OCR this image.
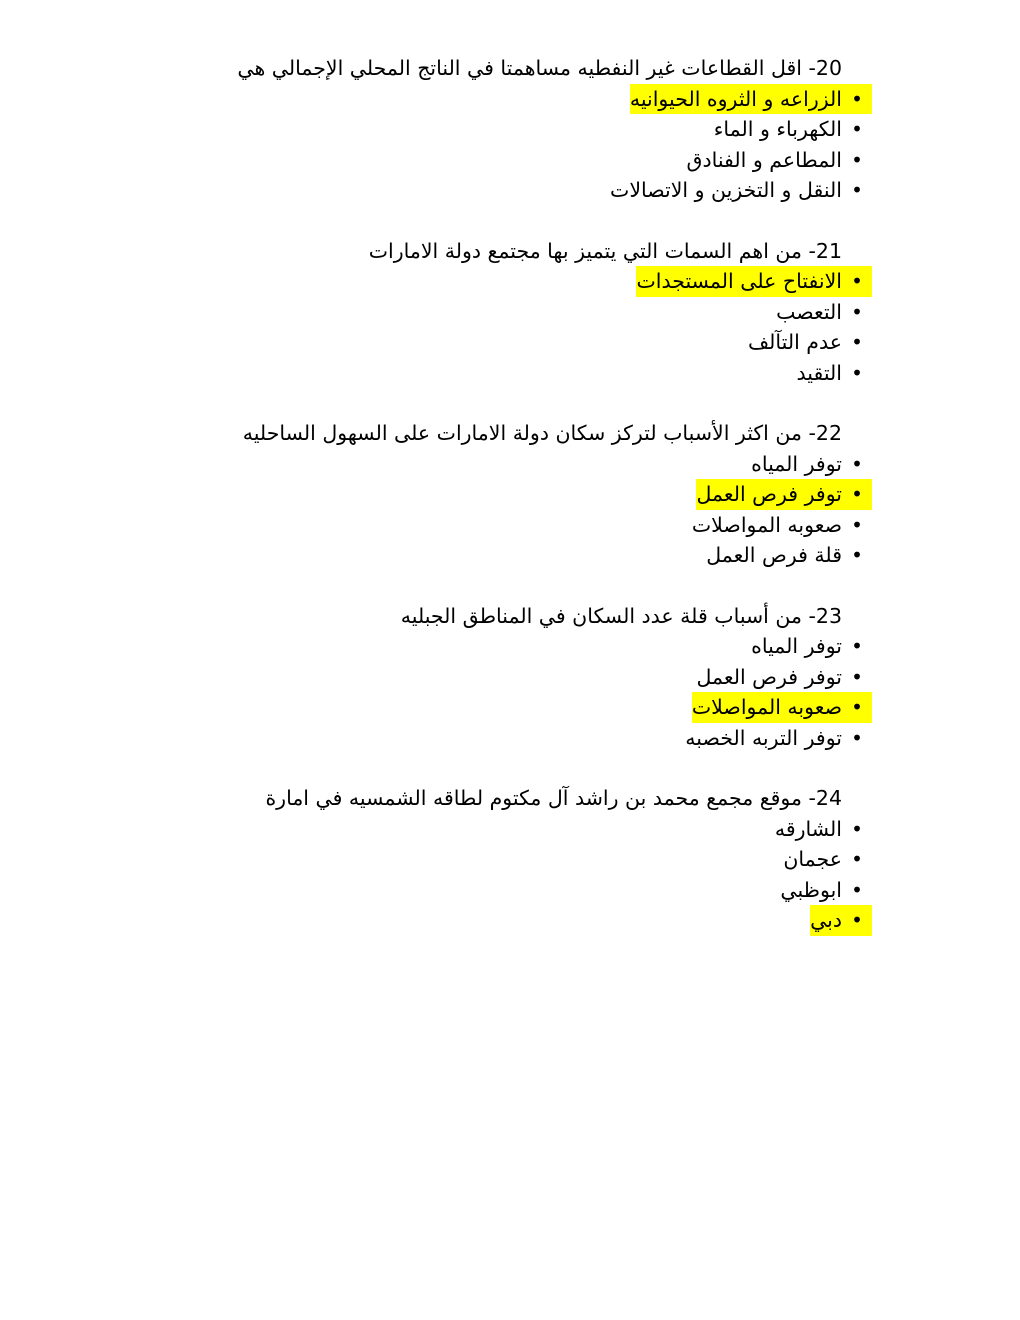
20- اقل القطاعات غير النفطيه مساهمتا في الناتج المحلي الإجمالي هي
•
الزراعه و الثروه الحيوانيه
•
الكهرباء و الماء
•
المطاعم و الفنادق
•
النقل و التخزين و الاتصالات
21- من اهم السمات التي يتميز بها مجتمع دولة الامارات
•
الانفتاح على المستجدات
•
التعصب
•
عدم التآلف
•
التقيد
22- من اكثر الأسباب لتركز سكان دولة الامارات على السهول الساحليه
•
توفر المياه
•
توفر فرص العمل
•
صعوبه المواصلات
•
قلة فرص العمل
23- من أسباب قلة عدد السكان في المناطق الجبليه
•
توفر المياه
•
توفر فرص العمل
•
صعوبه المواصلات
•
توفر التربه الخصبه
24- موقع مجمع محمد بن راشد آل مكتوم لطاقه الشمسيه في امارة
•
الشارقه
•
عجمان
•
ابوظبي
•
دبي
